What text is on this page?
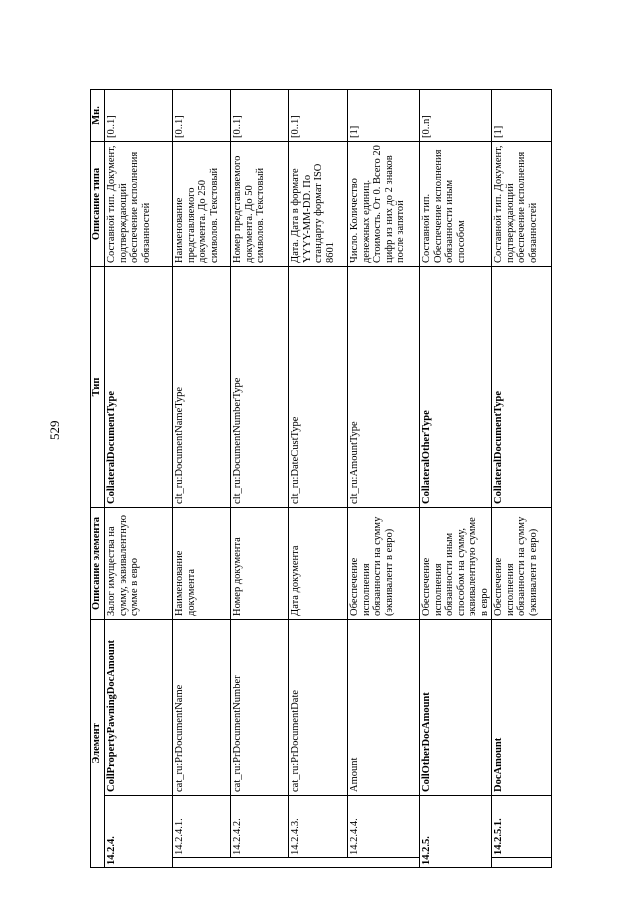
529
Элемент			Описание элемента	Тип	Описание типа	Мн.
14.2.4.		CollPropertyPawningDocAmount	Залог имущества на сумму, эквивалентную сумме в евро	CollateralDocumentType	Составной тип. Документ, подтверждающий обеспечение исполнения обязанностей	[0..1]
	14.2.4.1.	cat_ru:PrDocumentName	Наименование документа	clt_ru:DocumentNameType	Наименование представляемого документа. До 250 символов. Текстовый	[0..1]
	14.2.4.2.	cat_ru:PrDocumentNumber	Номер документа	clt_ru:DocumentNumberType	Номер представляемого документа. До 50 символов. Текстовый	[0..1]
	14.2.4.3.	cat_ru:PrDocumentDate	Дата документа	clt_ru:DateCustType	Дата. Дата в формате YYYY-MM-DD. По стандарту формат ISO 8601	[0..1]
	14.2.4.4.	Amount	Обеспечение исполнения обязанности на сумму (эквивалент в евро)	clt_ru:AmountType	Число. Количество денежных единиц. Стоимость. От 0. Всего 20 цифр из них до 2 знаков после запятой	[1]
14.2.5.		CollOtherDocAmount	Обеспечение исполнения обязанности иным способом на сумму, эквивалентную сумме в евро	CollateralOtherType	Составной тип. Обеспечение исполнения обязанности иным способом	[0..n]
	14.2.5.1.	DocAmount	Обеспечение исполнения обязанности на сумму (эквивалент в евро)	CollateralDocumentType	Составной тип. Документ, подтверждающий обеспечение исполнения обязанностей	[1]
